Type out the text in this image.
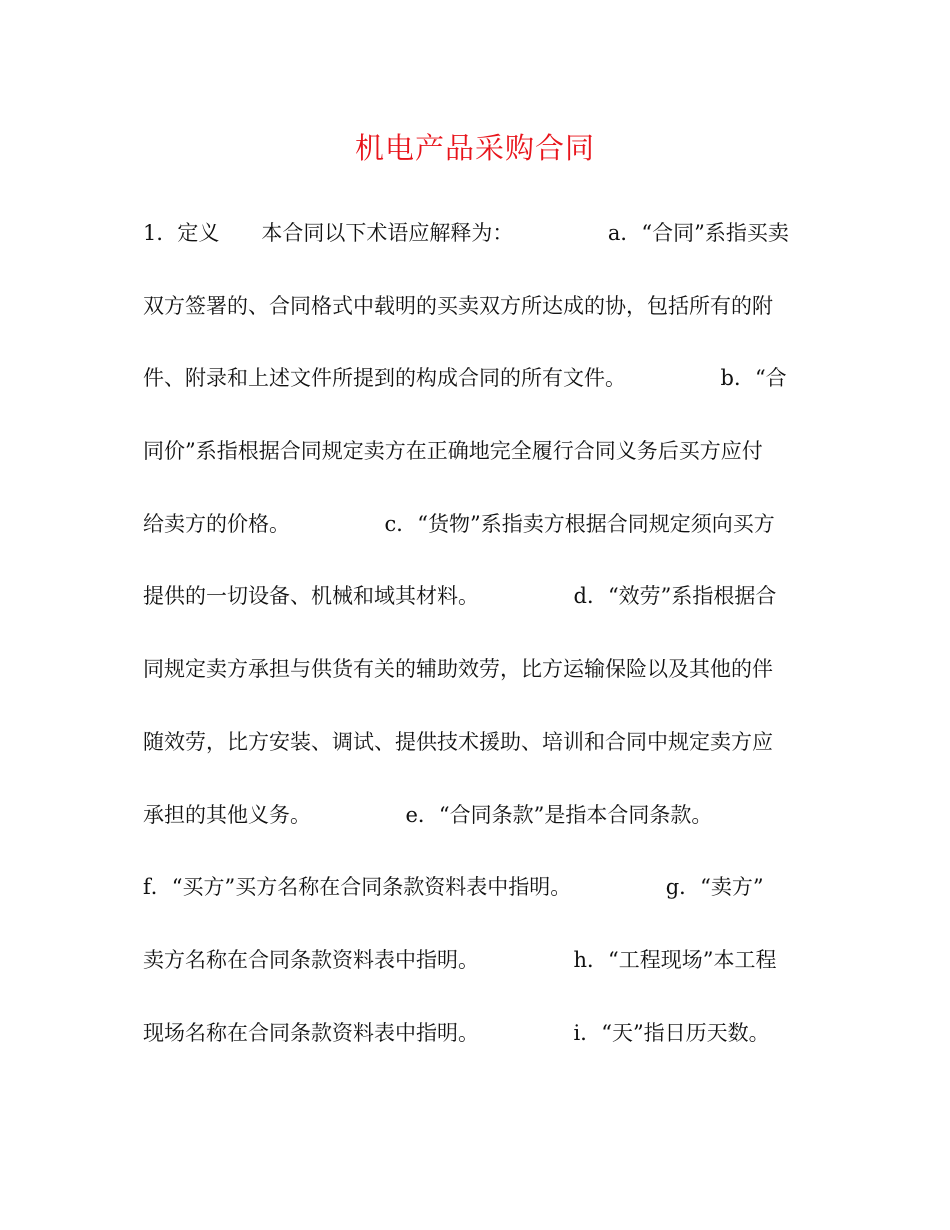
机电产品采购合同
1．定义　　本合同以下术语应解释为：　　　　　a．“合同”系指买卖
双方签署的、合同格式中载明的买卖双方所达成的协，包括所有的附
件、附录和上述文件所提到的构成合同的所有文件。　　　　　b．“合
同价”系指根据合同规定卖方在正确地完全履行合同义务后买方应付
给卖方的价格。　　　　　c．“货物”系指卖方根据合同规定须向买方
提供的一切设备、机械和域其材料。　　　　　d．“效劳”系指根据合
同规定卖方承担与供货有关的辅助效劳，比方运输保险以及其他的伴
随效劳，比方安装、调试、提供技术援助、培训和合同中规定卖方应
承担的其他义务。　　　　　e．“合同条款”是指本合同条款。
f．“买方”买方名称在合同条款资料表中指明。　　　　　g．“卖方”
卖方名称在合同条款资料表中指明。　　　　　h．“工程现场”本工程
现场名称在合同条款资料表中指明。　　　　　i．“天”指日历天数。
